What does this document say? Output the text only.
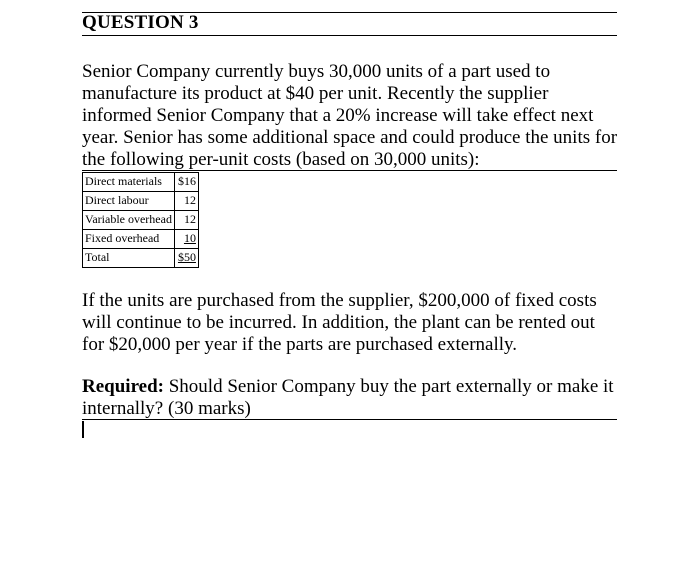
QUESTION 3
Senior Company currently buys 30,000 units of a part used to manufacture its product at $40 per unit. Recently the supplier informed Senior Company that a 20% increase will take effect next year. Senior has some additional space and could produce the units for the following per-unit costs (based on 30,000 units):
Direct materials	$16
Direct labour	12
Variable overhead	12
Fixed overhead	10
Total	$50
If the units are purchased from the supplier, $200,000 of fixed costs will continue to be incurred. In addition, the plant can be rented out for $20,000 per year if the parts are purchased externally.
Required: Should Senior Company buy the part externally or make it internally? (30 marks)
